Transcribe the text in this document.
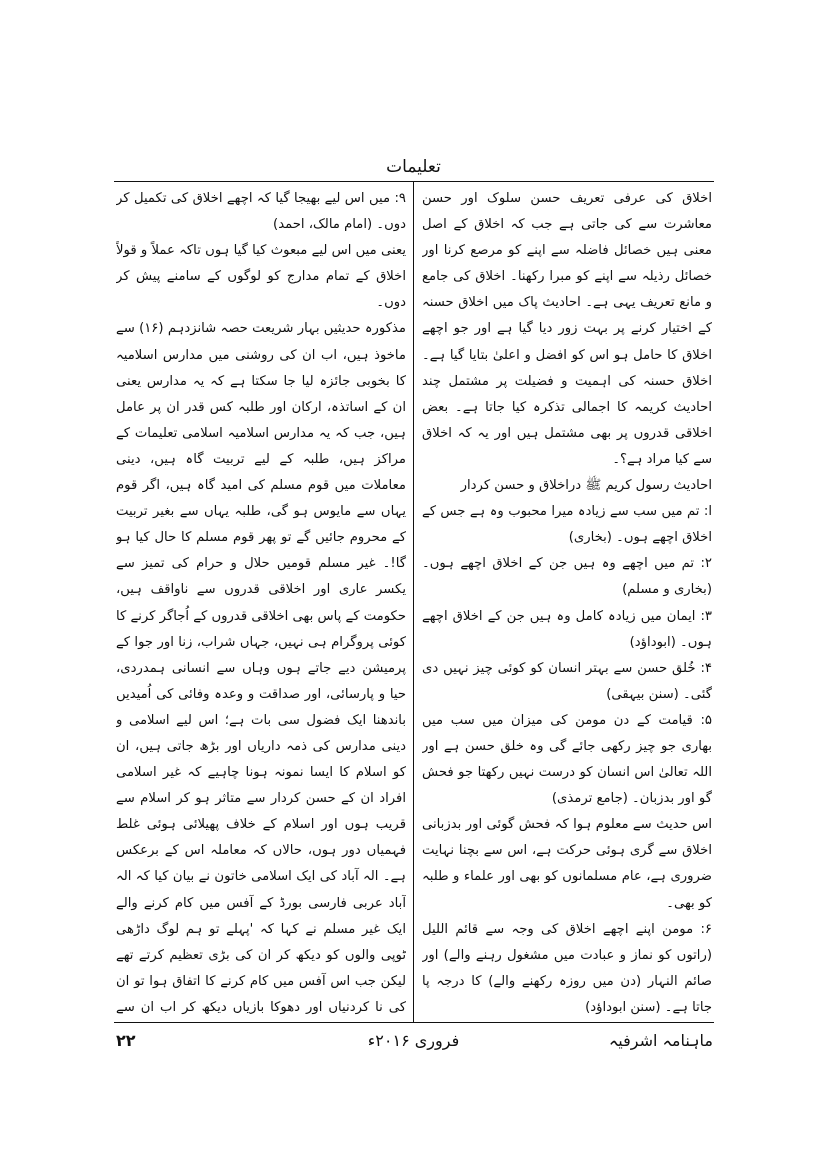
تعلیمات

اخلاق کی عرفی تعریف حسن سلوک اور حسن معاشرت سے کی جاتی ہے جب کہ اخلاق کے اصل معنی ہیں خصائل فاضلہ سے اپنے کو مرصع کرنا اور خصائل رذیلہ سے اپنے کو مبرا رکھنا۔ اخلاق کی جامع و مانع تعریف یہی ہے۔ احادیث پاک میں اخلاق حسنہ کے اختیار کرنے پر بہت زور دیا گیا ہے اور جو اچھے اخلاق کا حامل ہو اس کو افضل و اعلیٰ بتایا گیا ہے۔ اخلاق حسنہ کی اہمیت و فضیلت پر مشتمل چند احادیث کریمہ کا اجمالی تذکرہ کیا جاتا ہے۔ بعض اخلاقی قدروں پر بھی مشتمل ہیں اور یہ کہ اخلاق سے کیا مراد ہے؟۔

احادیث رسول کریم ﷺ دراخلاق و حسن کردار

ا: تم میں سب سے زیادہ میرا محبوب وہ ہے جس کے اخلاق اچھے ہوں۔ (بخاری)

۲: تم میں اچھے وہ ہیں جن کے اخلاق اچھے ہوں۔ (بخاری و مسلم)

۳: ایمان میں زیادہ کامل وہ ہیں جن کے اخلاق اچھے ہوں۔ (ابوداؤد)

۴: خُلق حسن سے بہتر انسان کو کوئی چیز نہیں دی گئی۔ (سنن بیہقی)

۵: قیامت کے دن مومن کی میزان میں سب میں بھاری جو چیز رکھی جائے گی وہ خلق حسن ہے اور اللہ تعالیٰ اس انسان کو درست نہیں رکھتا جو فحش گو اور بدزبان۔ (جامع ترمذی)

اس حدیث سے معلوم ہوا کہ فحش گوئی اور بدزبانی اخلاق سے گری ہوئی حرکت ہے، اس سے بچنا نہایت ضروری ہے، عام مسلمانوں کو بھی اور علماء و طلبہ کو بھی۔

۶: مومن اپنے اچھے اخلاق کی وجہ سے قائم اللیل (راتوں کو نماز و عبادت میں مشغول رہنے والے) اور صائم النہار (دن میں روزہ رکھنے والے) کا درجہ پا جاتا ہے۔ (سنن ابوداؤد)

۹: میں اس لیے بھیجا گیا کہ اچھے اخلاق کی تکمیل کر دوں۔ (امام مالک، احمد)

یعنی میں اس لیے مبعوث کیا گیا ہوں تاکہ عملاً و قولاً اخلاق کے تمام مدارج کو لوگوں کے سامنے پیش کر دوں۔

مذکورہ حدیثیں بہار شریعت حصہ شانزدہم (۱۶) سے ماخوذ ہیں، اب ان کی روشنی میں مدارس اسلامیہ کا بخوبی جائزہ لیا جا سکتا ہے کہ یہ مدارس یعنی ان کے اساتذہ، ارکان اور طلبہ کس قدر ان پر عامل ہیں، جب کہ یہ مدارس اسلامیہ اسلامی تعلیمات کے مراکز ہیں، طلبہ کے لیے تربیت گاہ ہیں، دینی معاملات میں قوم مسلم کی امید گاہ ہیں، اگر قوم یہاں سے مایوس ہو گی، طلبہ یہاں سے بغیر تربیت کے محروم جائیں گے تو پھر قوم مسلم کا حال کیا ہو گا!۔ غیر مسلم قومیں حلال و حرام کی تمیز سے یکسر عاری اور اخلاقی قدروں سے ناواقف ہیں، حکومت کے پاس بھی اخلاقی قدروں کے اُجاگر کرنے کا کوئی پروگرام ہی نہیں، جہاں شراب، زنا اور جوا کے پرمیشن دیے جاتے ہوں وہاں سے انسانی ہمدردی، حیا و پارسائی، اور صداقت و وعدہ وفائی کی اُمیدیں باندھنا ایک فضول سی بات ہے؛ اس لیے اسلامی و دینی مدارس کی ذمہ داریاں اور بڑھ جاتی ہیں، ان کو اسلام کا ایسا نمونہ ہونا چاہیے کہ غیر اسلامی افراد ان کے حسن کردار سے متاثر ہو کر اسلام سے قریب ہوں اور اسلام کے خلاف پھیلائی ہوئی غلط فہمیاں دور ہوں، حالاں کہ معاملہ اس کے برعکس ہے۔ الہ آباد کی ایک اسلامی خاتون نے بیان کیا کہ الہ آباد عربی فارسی بورڈ کے آفس میں کام کرنے والے ایک غیر مسلم نے کہا کہ 'پہلے تو ہم لوگ داڑھی ٹوپی والوں کو دیکھ کر ان کی بڑی تعظیم کرتے تھے لیکن جب اس آفس میں کام کرنے کا اتفاق ہوا تو ان کی نا کردنیاں اور دھوکا بازیاں دیکھ کر اب ان سے

ماہنامہ اشرفیہ
فروری ۲۰۱۶ء
۲۲
